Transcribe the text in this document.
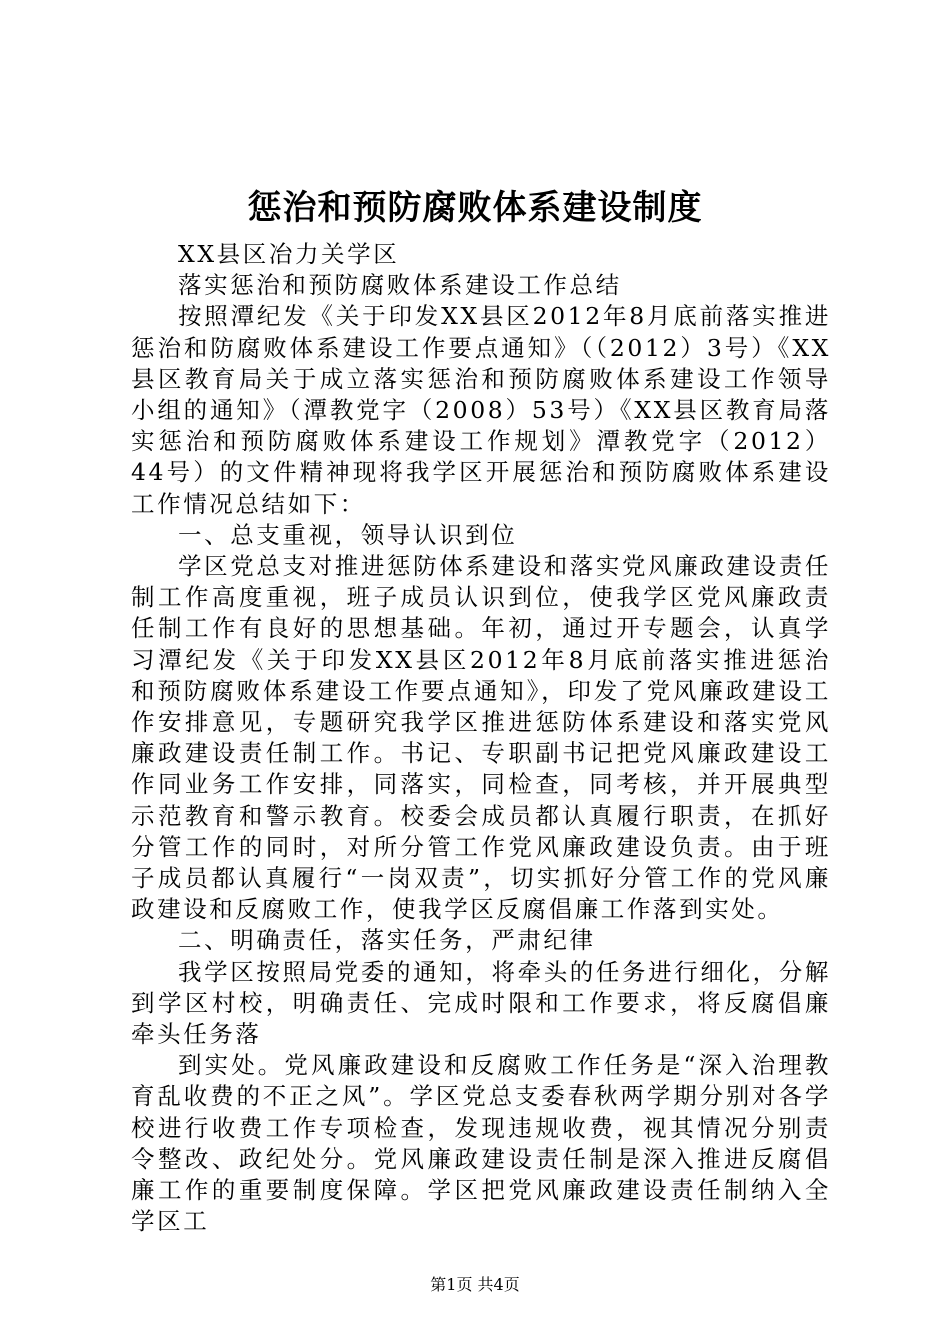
惩治和预防腐败体系建设制度

XX县区冶力关学区

落实惩治和预防腐败体系建设工作总结

按照潭纪发《关于印发XX县区2012年8月底前落实推进惩治和防腐败体系建设工作要点通知》（（2012）3号）《XX县区教育局关于成立落实惩治和预防腐败体系建设工作领导小组的通知》（潭教党字（2008）53号）《XX县区教育局落实惩治和预防腐败体系建设工作规划》潭教党字（2012）44号）的文件精神现将我学区开展惩治和预防腐败体系建设工作情况总结如下：

一、总支重视，领导认识到位

学区党总支对推进惩防体系建设和落实党风廉政建设责任制工作高度重视，班子成员认识到位，使我学区党风廉政责任制工作有良好的思想基础。年初，通过开专题会，认真学习潭纪发《关于印发XX县区2012年8月底前落实推进惩治和预防腐败体系建设工作要点通知》，印发了党风廉政建设工作安排意见，专题研究我学区推进惩防体系建设和落实党风廉政建设责任制工作。书记、专职副书记把党风廉政建设工作同业务工作安排，同落实，同检查，同考核，并开展典型示范教育和警示教育。校委会成员都认真履行职责，在抓好分管工作的同时，对所分管工作党风廉政建设负责。由于班子成员都认真履行“一岗双责”，切实抓好分管工作的党风廉政建设和反腐败工作，使我学区反腐倡廉工作落到实处。

二、明确责任，落实任务，严肃纪律

我学区按照局党委的通知，将牵头的任务进行细化，分解到学区村校，明确责任、完成时限和工作要求，将反腐倡廉牵头任务落

到实处。党风廉政建设和反腐败工作任务是“深入治理教育乱收费的不正之风”。学区党总支委春秋两学期分别对各学校进行收费工作专项检查，发现违规收费，视其情况分别责令整改、政纪处分。党风廉政建设责任制是深入推进反腐倡廉工作的重要制度保障。学区把党风廉政建设责任制纳入全学区工

第1页 共4页
